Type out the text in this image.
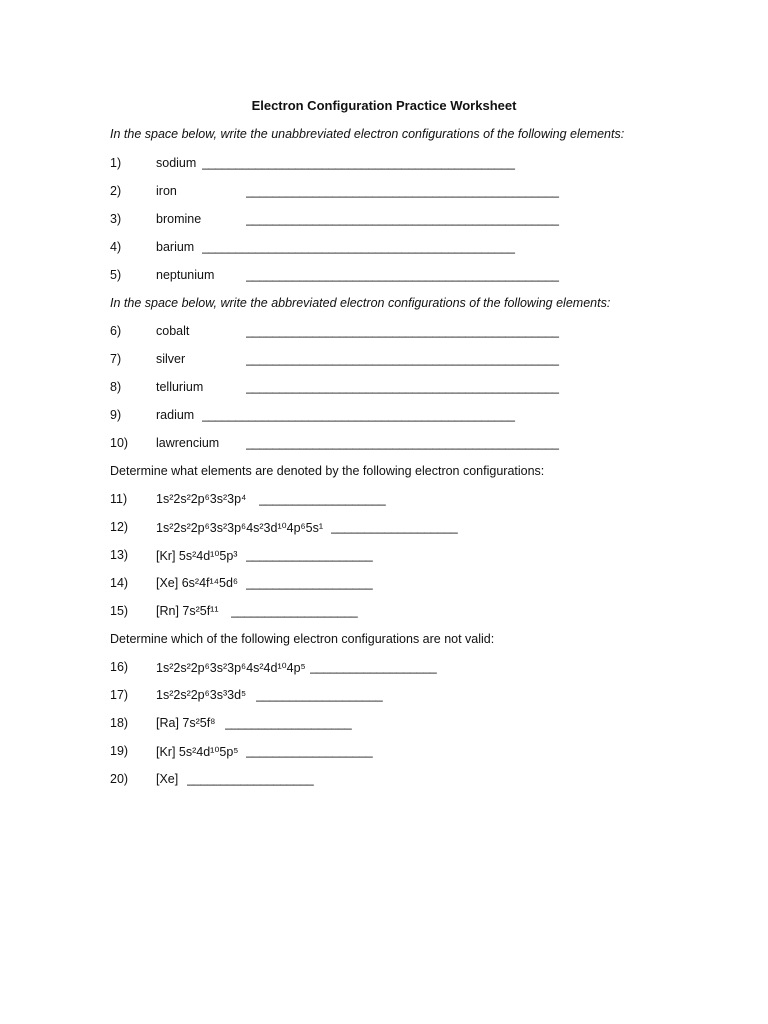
Electron Configuration Practice Worksheet
In the space below, write the unabbreviated electron configurations of the following elements:
1)	sodium _______________________________________________
2)	iron	_______________________________________________
3)	bromine	_______________________________________________
4)	barium _______________________________________________
5)	neptunium	_______________________________________________
In the space below, write the abbreviated electron configurations of the following elements:
6)	cobalt	_______________________________________________
7)	silver	_______________________________________________
8)	tellurium	_______________________________________________
9)	radium _______________________________________________
10) lawrencium _______________________________________________
Determine what elements are denoted by the following electron configurations:
11) 1s²2s²2p⁶3s²3p⁴ ___________________
12) 1s²2s²2p⁶3s²3p⁶4s²3d¹⁰4p⁶5s¹ ___________________
13) [Kr] 5s²4d¹⁰5p³ ___________________
14) [Xe] 6s²4f¹⁴5d⁶ ___________________
15) [Rn] 7s²5f¹¹ ___________________
Determine which of the following electron configurations are not valid:
16) 1s²2s²2p⁶3s²3p⁶4s²4d¹⁰4p⁵ ___________________
17) 1s²2s²2p⁶3s³3d⁵ ___________________
18) [Ra] 7s²5f⁸ ___________________
19) [Kr] 5s²4d¹⁰5p⁵ ___________________
20) [Xe] ___________________
